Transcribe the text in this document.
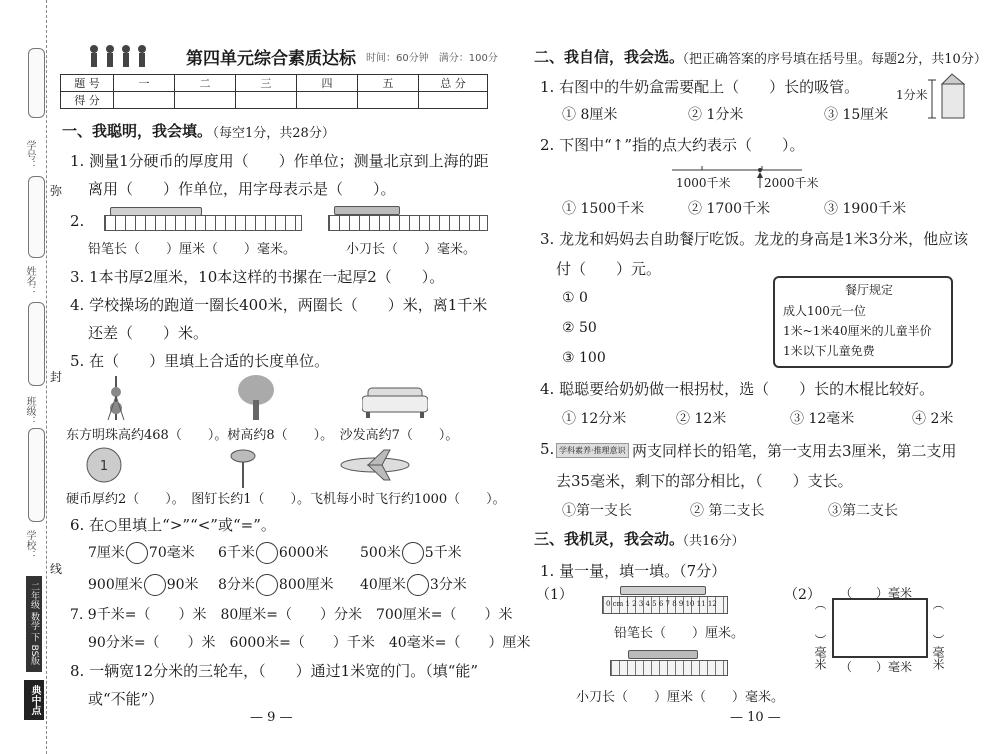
学号：
姓名：
班级：
学校：
弥
封
线
二年级 数学 下 BS版
典中点
第四单元综合素质达标 时间：60分钟　满分：100分
题 号	一	二	三	四	五	总 分
得 分						
一、我聪明，我会填。
（每空1分，共28分）
1. 测量1分硬币的厚度用（　　）作单位；测量北京到上海的距
离用（　　）作单位，用字母表示是（　　）。
2.
铅笔长（　　）厘米（　　）毫米。	小刀长（　　）毫米。
3. 1本书厚2厘米，10本这样的书摞在一起厚2（　　）。
4. 学校操场的跑道一圈长400米，两圈长（　　）米，离1千米
还差（　　）米。
5. 在（　　）里填上合适的长度单位。
东方明珠高约468（　　）。树高约8（　　）。　沙发高约7（　　）。
1
硬币厚约2（　　）。　图钉长约1（　　）。飞机每小时飞行约1000（　　）。
6. 在○里填上“>”“<”或“=”。
7厘米 70毫米 6千米 6000米 500米 5千米
900厘米 90米 8分米 800厘米 40厘米 3分米
7. 9千米=（　　）米　80厘米=（　　）分米　700厘米=（　　）米
90分米=（　　）米　6000米=（　　）千米　40毫米=（　　）厘米
8. 一辆宽12分米的三轮车，（　　）通过1米宽的门。（填“能”
或“不能”）
— 9 —
二、我自信，我会选。
（把正确答案的序号填在括号里。每题2分，共10分）
1. 右图中的牛奶盒需要配上（　　）长的吸管。	1分米
① 8厘米	② 1分米	③ 15厘米
2. 下图中“↑”指的点大约表示（　　）。
1000千米	2000千米
① 1500千米	② 1700千米	③ 1900千米
3. 龙龙和妈妈去自助餐厅吃饭。龙龙的身高是1米3分米，他应该
付（　　）元。
① 0
② 50
③ 100
餐厅规定
成人100元一位
1米~1米40厘米的儿童半价
1米以下儿童免费
4. 聪聪要给奶奶做一根拐杖，选（　　）长的木棍比较好。
① 12分米	② 12米	③ 12毫米	④ 2米
5. 学科素养·推理意识 两支同样长的铅笔，第一支用去3厘米，第二支用
去35毫米，剩下的部分相比，（　　）支长。
①第一支长	② 第二支长	③第二支长
三、我机灵，我会动。
（共16分）
1. 量一量，填一填。（7分）
（1）
0 cm 1 2 3 4 5 6 7 8 9 10 11 12
铅笔长（　　）厘米。
小刀长（　　）厘米（　　）毫米。
（2） （　　）毫米
（　　）毫米
（　　）毫米	（　　）毫米
— 10 —
